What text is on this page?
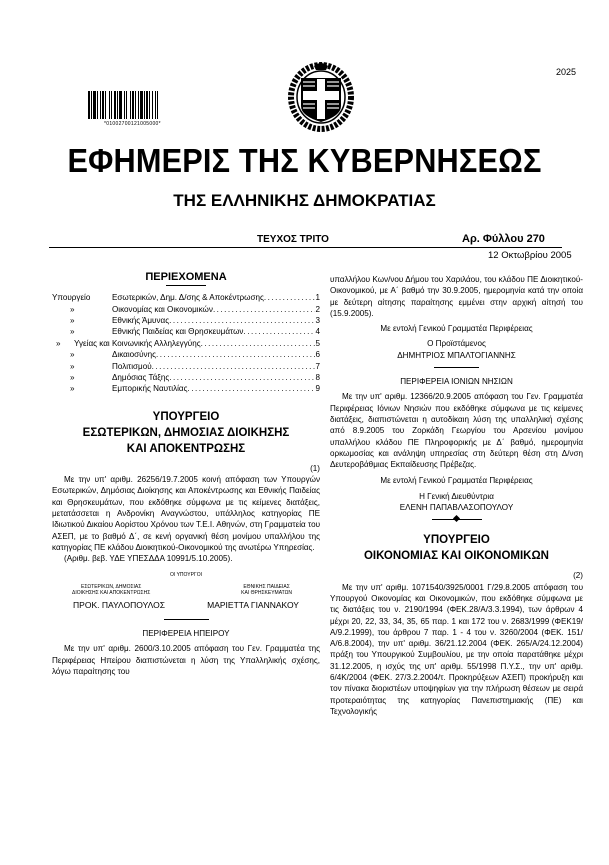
2025
*01002700121005000*
ΕΦΗΜΕΡΙΣ ΤΗΣ ΚΥΒΕΡΝΗΣΕΩΣ
ΤΗΣ ΕΛΛΗΝΙΚΗΣ ΔΗΜΟΚΡΑΤΙΑΣ
ΤΕΥΧΟΣ ΤΡΙΤΟ	Αρ. Φύλλου 270
12 Οκτωβρίου 2005
ΠΕΡΙΕΧΟΜΕΝΑ
Υπουργείο	Εσωτερικών, Δημ. Δ/σης & Αποκέντρωσης .....	1
»	Οικονομίας και Οικονομικών .....	2
»	Εθνικής Άμυνας .....	3
»	Εθνικής Παιδείας και Θρησκευμάτων .....	4
»	Υγείας και Κοινωνικής Αλληλεγγύης .....	5
»	Δικαιοσύνης .....	6
»	Πολιτισμού .....	7
»	Δημόσιας Τάξης .....	8
»	Εμπορικής Ναυτιλίας .....	9
ΥΠΟΥΡΓΕΙΟ
ΕΣΩΤΕΡΙΚΩΝ, ΔΗΜΟΣΙΑΣ ΔΙΟΙΚΗΣΗΣ
ΚΑΙ ΑΠΟΚΕΝΤΡΩΣΗΣ
(1)

Με την υπ' αριθμ. 26256/19.7.2005 κοινή απόφαση των Υπουργών Εσωτερικών, Δημόσιας Διοίκησης και Αποκέντρωσης και Εθνικής Παιδείας και Θρησκευμάτων, που εκδόθηκε σύμφωνα με τις κείμενες διατάξεις, μετατάσσεται η Ανδρονίκη Αναγνώστου, υπάλληλος κατηγορίας ΠΕ Ιδιωτικού Δικαίου Αορίστου Χρόνου των Τ.Ε.Ι. Αθηνών, στη Γραμματεία του ΑΣΕΠ, με το βαθμό Δ΄, σε κενή οργανική θέση μονίμου υπαλλήλου της κατηγορίας ΠΕ κλάδου Διοικητικού-Οικονομικού της ανωτέρω Υπηρεσίας.

(Αριθμ. βεβ. ΥΔΕ ΥΠΕΣΔΔΑ 10991/5.10.2005).

ΟΙ ΥΠΟΥΡΓΟΙ
ΕΣΩΤΕΡΙΚΩΝ, ΔΗΜΟΣΙΑΣ
ΔΙΟΙΚΗΣΗΣ ΚΑΙ ΑΠΟΚΕΝΤΡΩΣΗΣ
ΕΘΝΙΚΗΣ ΠΑΙΔΕΙΑΣ
ΚΑΙ ΘΡΗΣΚΕΥΜΑΤΩΝ
ΠΡΟΚ. ΠΑΥΛΟΠΟΥΛΟΣ	ΜΑΡΙΕΤΤΑ ΓΙΑΝΝΑΚΟΥ
ΠΕΡΙΦΕΡΕΙΑ ΗΠΕΙΡΟΥ

Με την υπ' αριθμ. 2600/3.10.2005 απόφαση του Γεν. Γραμματέα της Περιφέρειας Ηπείρου διαπιστώνεται η λύση της Υπαλληλικής σχέσης, λόγω παραίτησης του

υπαλλήλου Κων/νου Δήμου του Χαριλάου, του κλάδου ΠΕ Διοικητικού-Οικονομικού, με Α΄ βαθμό την 30.9.2005, ημερομηνία κατά την οποία με δεύτερη αίτησης παραίτησης εμμένει στην αρχική αίτησή του (15.9.2005).

Με εντολή Γενικού Γραμματέα Περιφέρειας
Ο Προϊστάμενος
ΔΗΜΗΤΡΙΟΣ ΜΠΑΛΤΟΓΙΑΝΝΗΣ
ΠΕΡΙΦΕΡΕΙΑ ΙΟΝΙΩΝ ΝΗΣΙΩΝ

Με την υπ' αριθμ. 12366/20.9.2005 απόφαση του Γεν. Γραμματέα Περιφέρειας Ιόνιων Νησιών που εκδόθηκε σύμφωνα με τις κείμενες διατάξεις, διαπιστώνεται η αυτοδίκαιη λύση της υπαλληλική σχέσης από 8.9.2005 του Ζορκάδη Γεωργίου του Αρσενίου μονίμου υπαλλήλου κλάδου ΠΕ Πληροφορικής με Δ΄ βαθμό, ημερομηνία ορκωμοσίας και ανάληψη υπηρεσίας στη δεύτερη θέση στη Δ/νση Δευτεροβάθμιας Εκπαίδευσης Πρέβεζας.

Με εντολή Γενικού Γραμματέα Περιφέρειας
Η Γενική Διευθύντρια
ΕΛΕΝΗ ΠΑΠΑΒΛΑΣΟΠΟΥΛΟΥ
ΥΠΟΥΡΓΕΙΟ
ΟΙΚΟΝΟΜΙΑΣ ΚΑΙ ΟΙΚΟΝΟΜΙΚΩΝ
(2)

Με την υπ' αριθμ. 1071540/3925/0001 Γ/29.8.2005 απόφαση του Υπουργού Οικονομίας και Οικονομικών, που εκδόθηκε σύμφωνα με τις διατάξεις του ν. 2190/1994 (ΦΕΚ.28/Α/3.3.1994), των άρθρων 4 μέχρι 20, 22, 33, 34, 35, 65 παρ. 1 και 172 του ν. 2683/1999 (ΦΕΚ19/Α/9.2.1999), του άρθρου 7 παρ. 1 - 4 του ν. 3260/2004 (ΦΕΚ. 151/Α/6.8.2004), την υπ' αριθμ. 36/21.12.2004 (ΦΕΚ. 265/Α/24.12.2004) πράξη του Υπουργικού Συμβουλίου, με την οποία παρατάθηκε μέχρι 31.12.2005, η ισχύς της υπ' αριθμ. 55/1998 Π.Υ.Σ., την υπ' αριθμ. 6/4Κ/2004 (ΦΕΚ. 27/3.2.2004/τ. Προκηρύξεων ΑΣΕΠ) προκήρυξη και τον πίνακα διοριστέων υποψηφίων για την πλήρωση θέσεων με σειρά προτεραιότητας της κατηγορίας Πανεπιστημιακής (ΠΕ) και Τεχνολογικής
